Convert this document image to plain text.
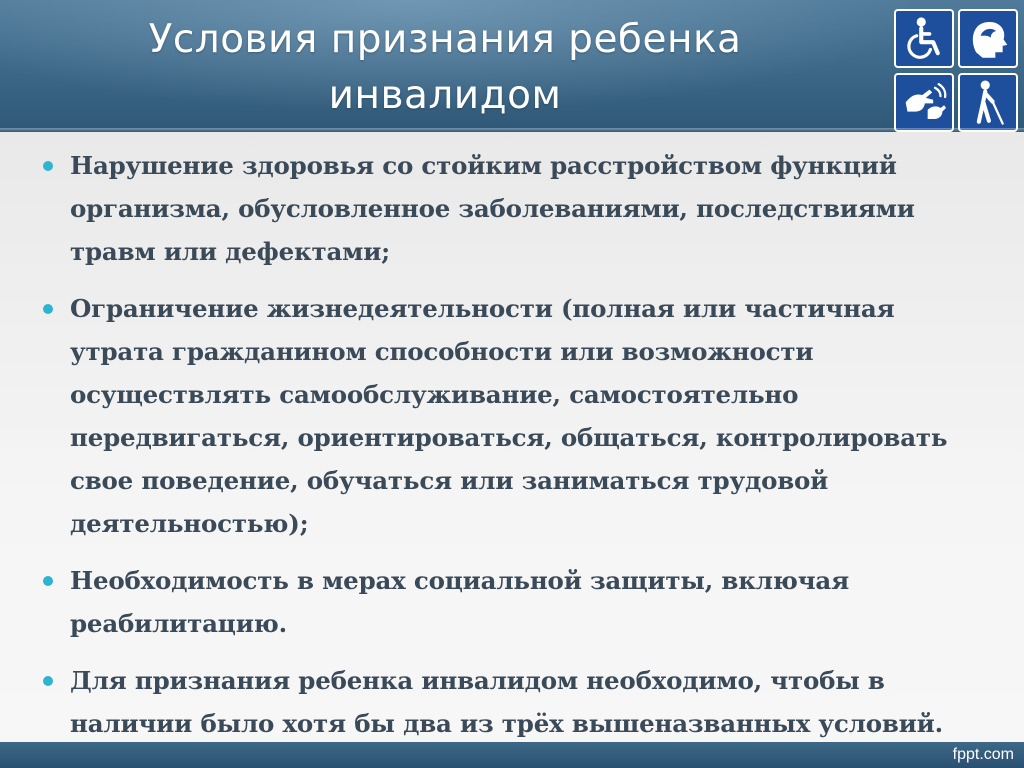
Условия признания ребенка
инвалидом
Нарушение здоровья со стойким расстройством функций организма, обусловленное заболеваниями, последствиями травм или дефектами;
Ограничение жизнедеятельности (полная или частичная утрата гражданином способности или возможности осуществлять самообслуживание, самостоятельно передвигаться, ориентироваться, общаться, контролировать свое поведение, обучаться или заниматься трудовой деятельностью);
Необходимость в мерах социальной защиты, включая реабилитацию.
Для признания ребенка инвалидом необходимо, чтобы в наличии было хотя бы два из трёх вышеназванных условий.
fppt.com
